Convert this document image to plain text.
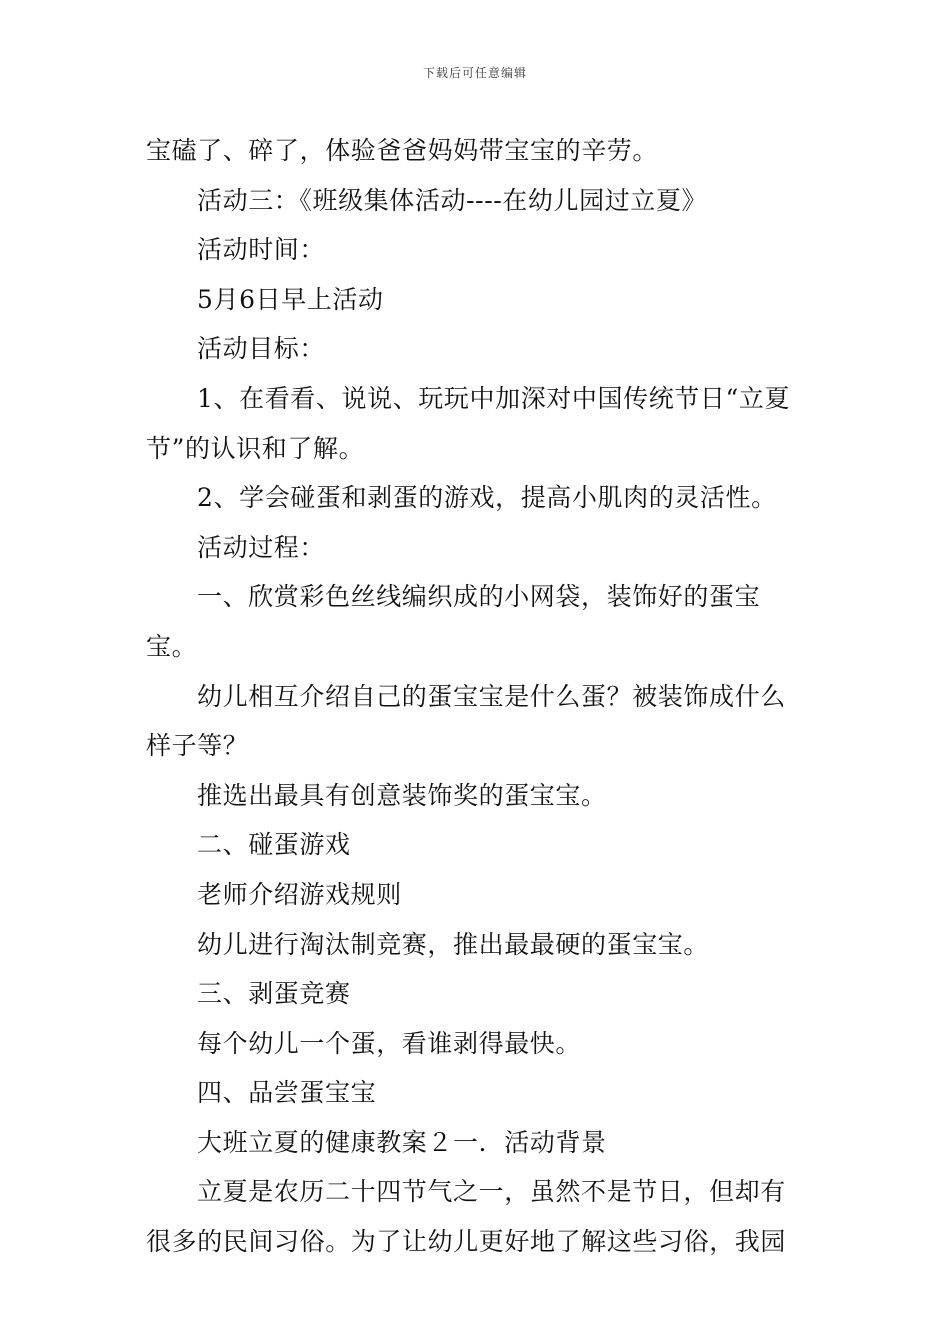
下载后可任意编辑

宝磕了、碎了，体验爸爸妈妈带宝宝的辛劳。

活动三：《班级集体活动----在幼儿园过立夏》

活动时间：

5月6日早上活动

活动目标：

1、在看看、说说、玩玩中加深对中国传统节日“立夏节”的认识和了解。

2、学会碰蛋和剥蛋的游戏，提高小肌肉的灵活性。

活动过程：

一、欣赏彩色丝线编织成的小网袋，装饰好的蛋宝宝。

幼儿相互介绍自己的蛋宝宝是什么蛋？被装饰成什么样子等？

推选出最具有创意装饰奖的蛋宝宝。

二、碰蛋游戏

老师介绍游戏规则

幼儿进行淘汰制竞赛，推出最最硬的蛋宝宝。

三、剥蛋竞赛

每个幼儿一个蛋，看谁剥得最快。

四、品尝蛋宝宝

大班立夏的健康教案２一．活动背景

立夏是农历二十四节气之一，虽然不是节日，但却有很多的民间习俗。为了让幼儿更好地了解这些习俗，我园
